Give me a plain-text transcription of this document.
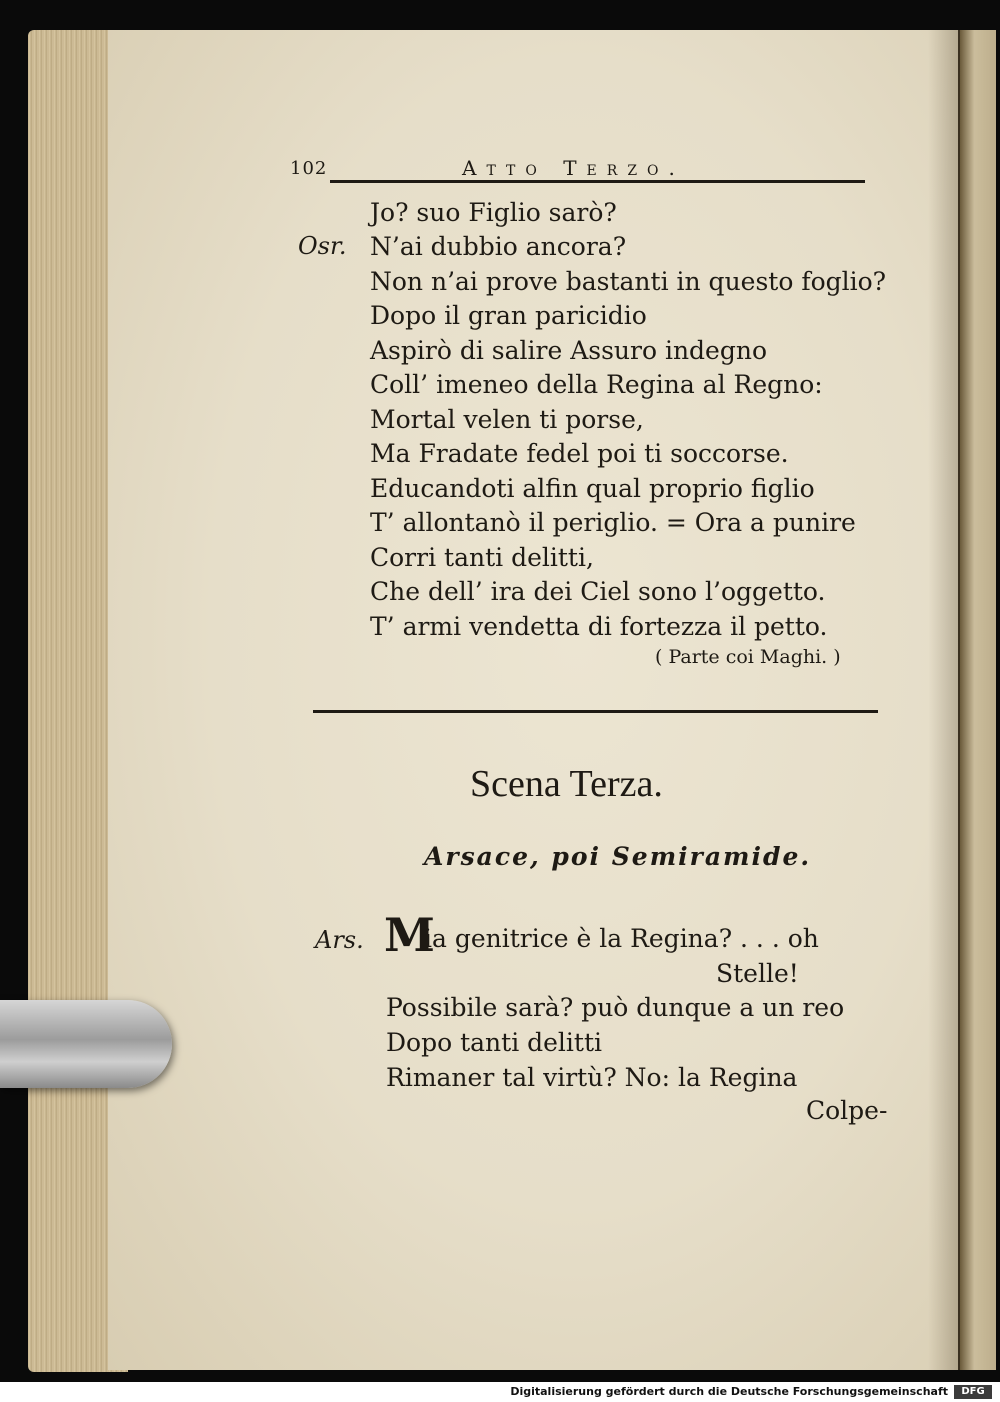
102	Atto Terzo.
Osr.
Jo? suo Figlio sarò?
N’ai dubbio ancora?
Non n’ai prove bastanti in questo foglio?
Dopo il gran paricidio
Aspirò di salire Assuro indegno
Coll’ imeneo della Regina al Regno:
Mortal velen ti porse,
Ma Fradate fedel poi ti soccorse.
Educandoti alfin qual proprio figlio
T’ allontanò il periglio. = Ora a punire
Corri tanti delitti,
Che dell’ ira dei Ciel sono l’oggetto.
T’ armi vendetta di fortezza il petto.
( Parte coi Maghi. )
Scena Terza.
Arsace, poi Semiramide.
Ars. M
ia genitrice è la Regina? . . . oh
Stelle!
Possibile sarà? può dunque a un reo
Dopo tanti delitti
Rimaner tal virtù? No: la Regina
Colpe-
Digitalisierung gefördert durch die Deutsche Forschungsgemeinschaft	DFG
